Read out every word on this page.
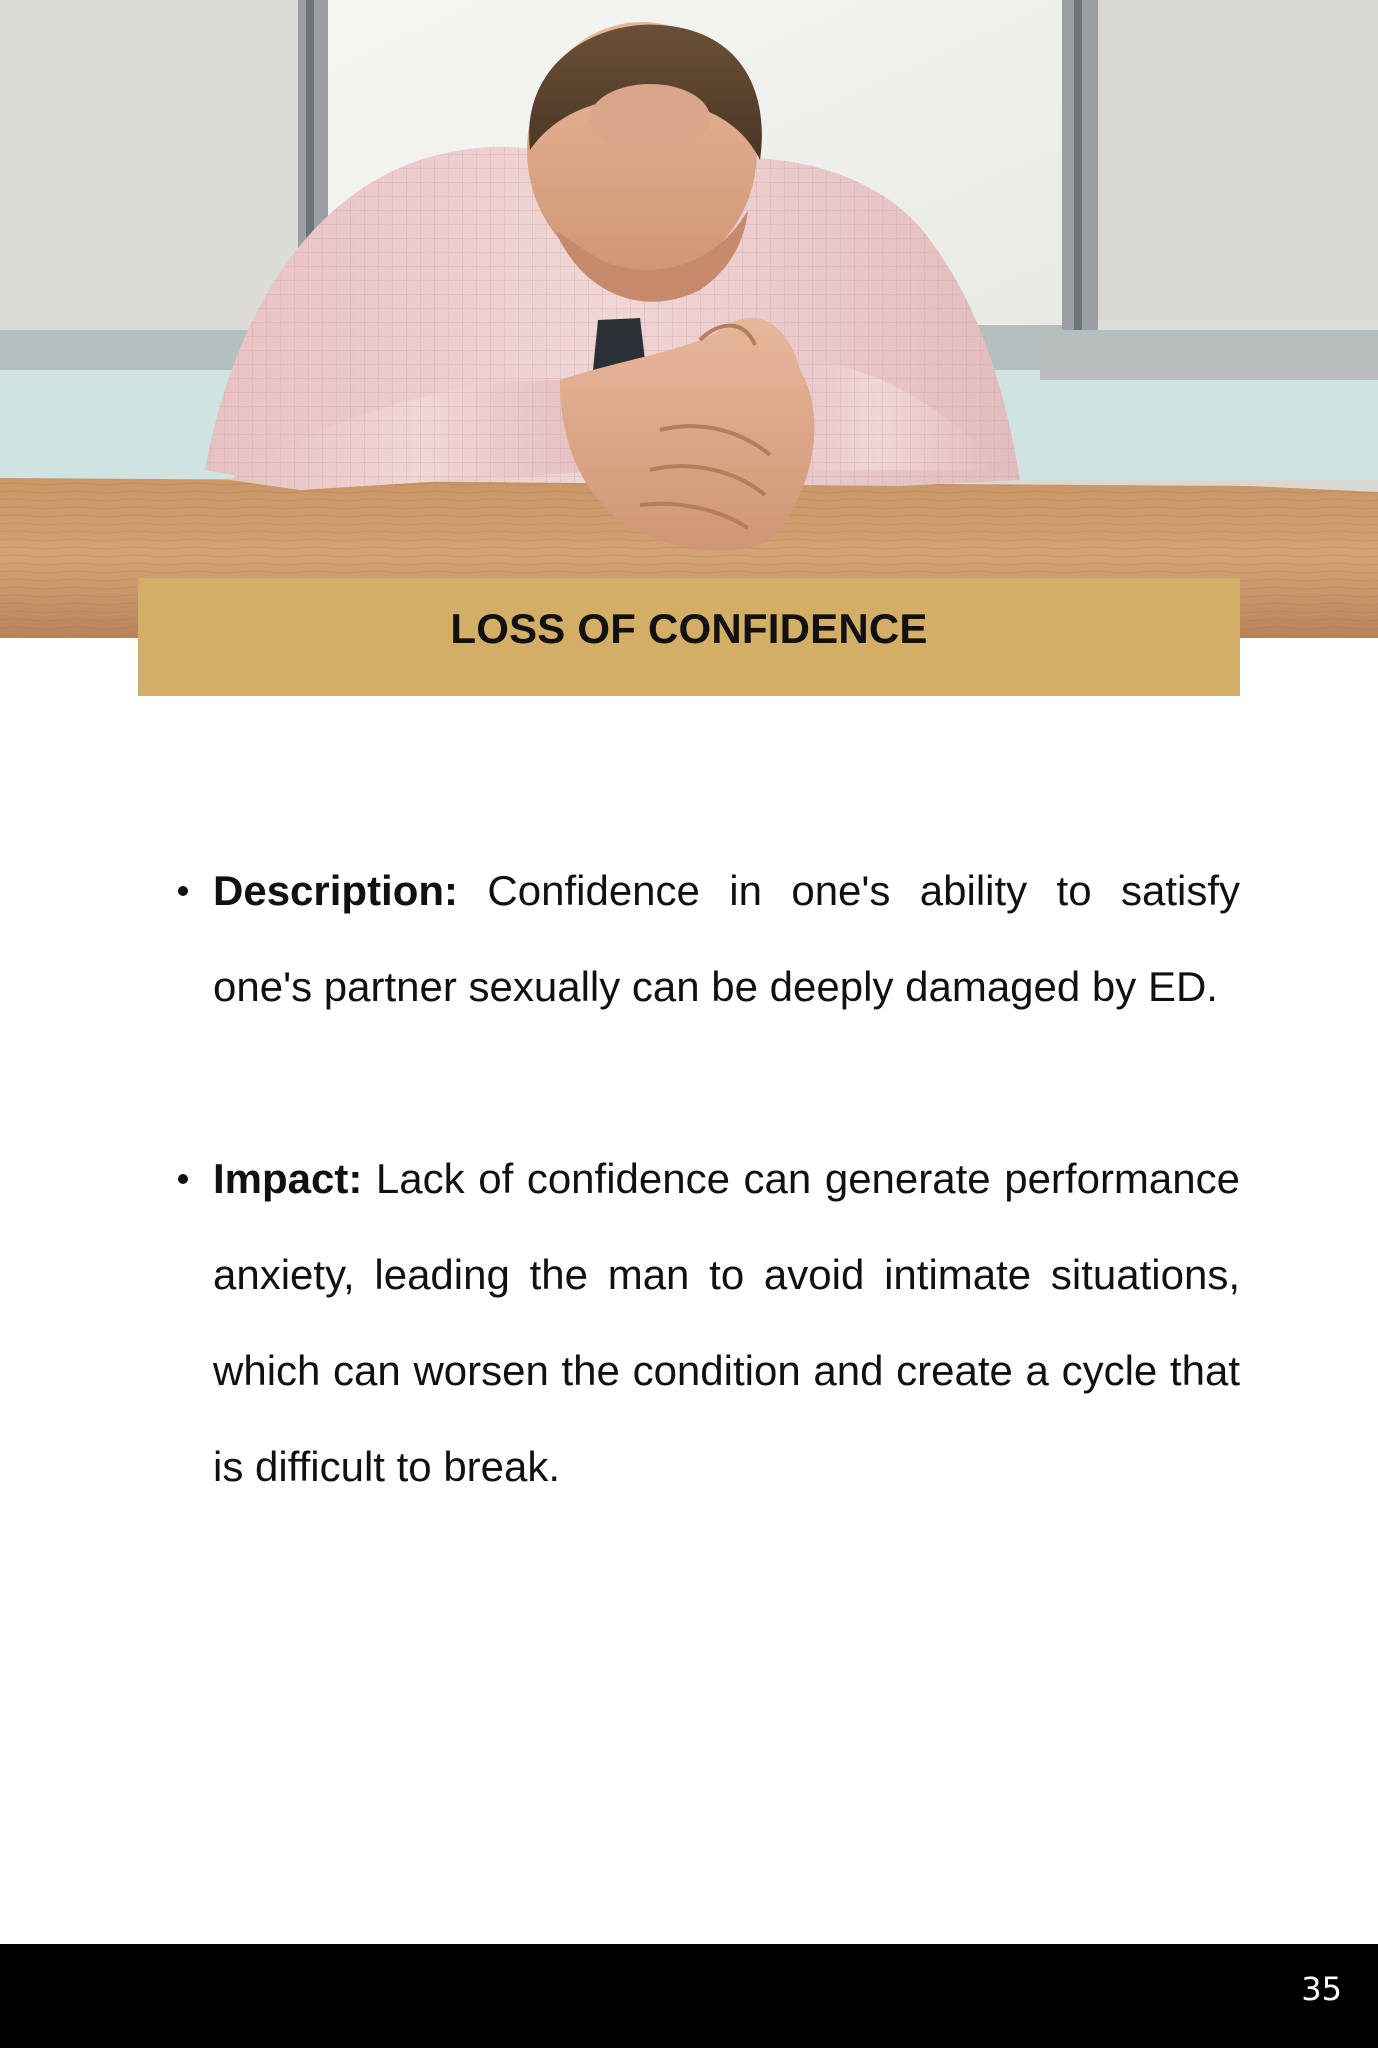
LOSS OF CONFIDENCE
Description: Confidence in one's ability to satisfy one's partner sexually can be deeply damaged by ED.
Impact: Lack of confidence can generate performance anxiety, leading the man to avoid intimate situations, which can worsen the condition and create a cycle that is difficult to break.
35
